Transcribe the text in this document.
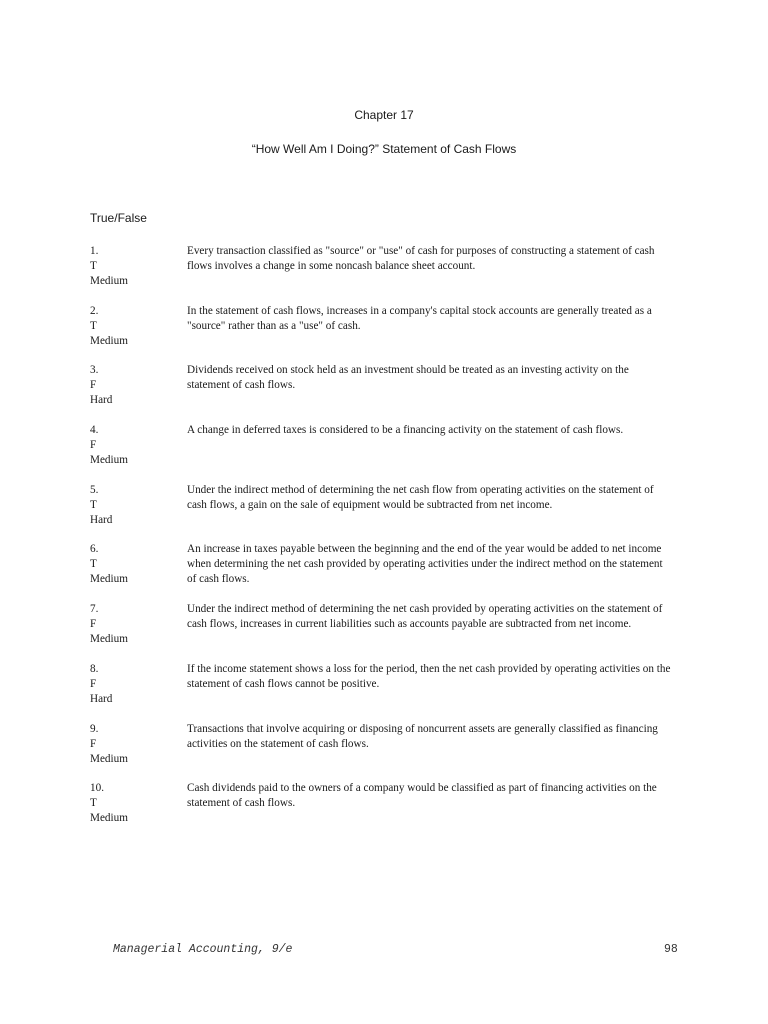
Chapter 17
“How Well Am I Doing?” Statement of Cash Flows
True/False
1.
T
Medium
Every transaction classified as "source" or "use" of cash for purposes of constructing a statement of cash flows involves a change in some noncash balance sheet account.
2.
T
Medium
In the statement of cash flows, increases in a company's capital stock accounts are generally treated as a "source" rather than as a "use" of cash.
3.
F
Hard
Dividends received on stock held as an investment should be treated as an investing activity on the statement of cash flows.
4.
F
Medium
A change in deferred taxes is considered to be a financing activity on the statement of cash flows.
5.
T
Hard
Under the indirect method of determining the net cash flow from operating activities on the statement of cash flows, a gain on the sale of equipment would be subtracted from net income.
6.
T
Medium
An increase in taxes payable between the beginning and the end of the year would be added to net income when determining the net cash provided by operating activities under the indirect method on the statement of cash flows.
7.
F
Medium
Under the indirect method of determining the net cash provided by operating activities on the statement of cash flows, increases in current liabilities such as accounts payable are subtracted from net income.
8.
F
Hard
If the income statement shows a loss for the period, then the net cash provided by operating activities on the statement of cash flows cannot be positive.
9.
F
Medium
Transactions that involve acquiring or disposing of noncurrent assets are generally classified as financing activities on the statement of cash flows.
10.
T
Medium
Cash dividends paid to the owners of a company would be classified as part of financing activities on the statement of cash flows.
Managerial Accounting, 9/e	98
